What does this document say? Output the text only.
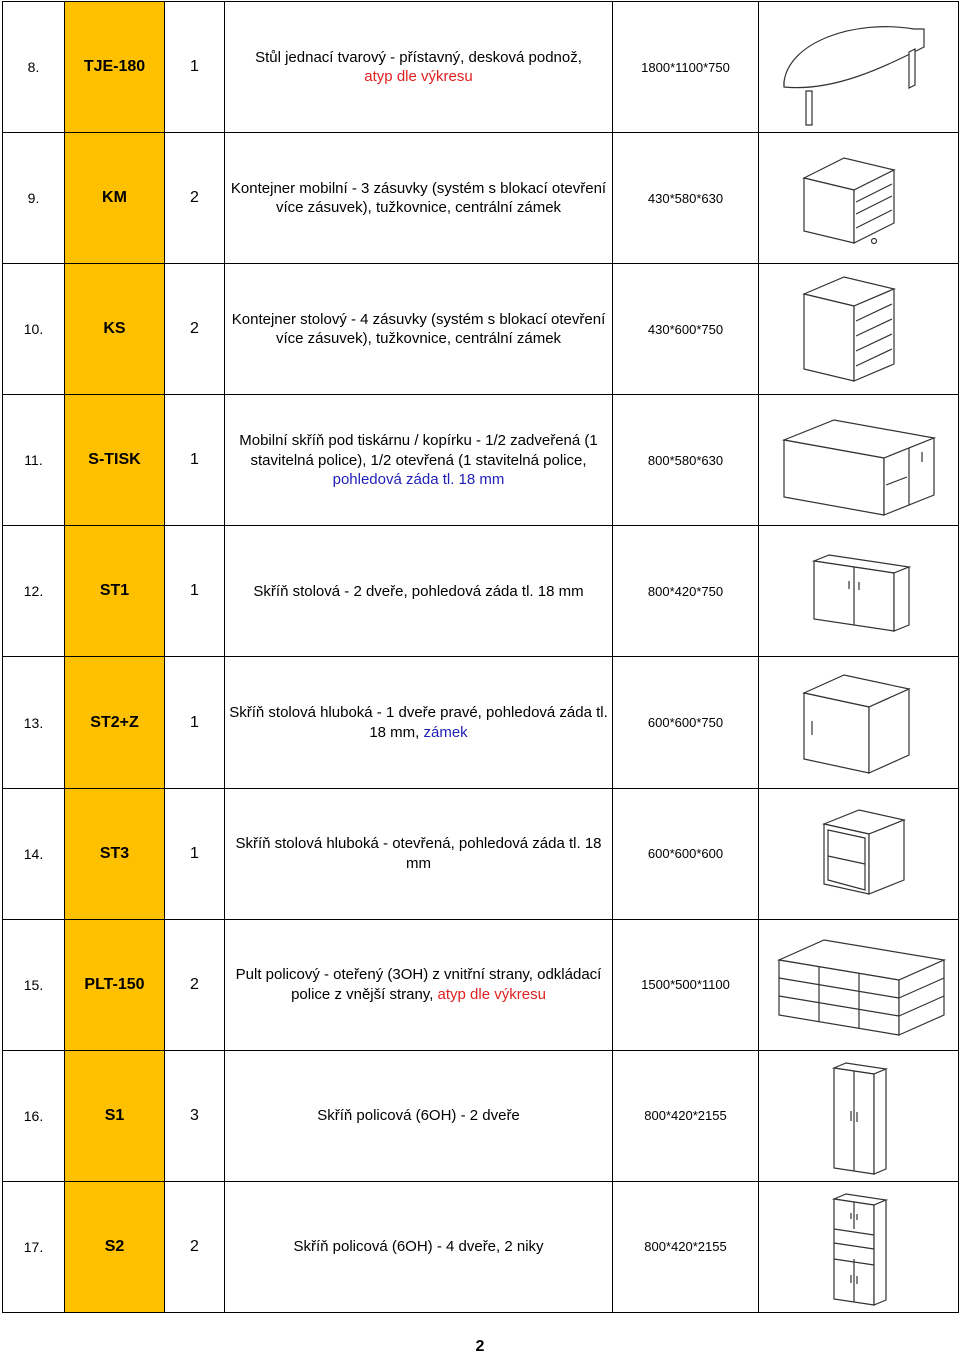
8.	TJE-180	1	Stůl jednací tvarový - přístavný, desková podnož,
atyp dle výkresu	1800*1100*750	

9.	KM	2	Kontejner mobilní - 3 zásuvky (systém s blokací otevření více zásuvek), tužkovnice, centrální zámek	430*580*630	

10.	KS	2	Kontejner stolový - 4 zásuvky (systém s blokací otevření více zásuvek), tužkovnice, centrální zámek	430*600*750	

11.	S-TISK	1	Mobilní skříň pod tiskárnu / kopírku - 1/2 zadveřená (1 stavitelná police), 1/2 otevřená (1 stavitelná police,
pohledová záda tl. 18 mm	800*580*630	

12.	ST1	1	Skříň stolová - 2 dveře, pohledová záda tl. 18 mm	800*420*750	

13.	ST2+Z	1	Skříň stolová hluboká - 1 dveře pravé, pohledová záda tl. 18 mm, zámek	600*600*750	

14.	ST3	1	Skříň stolová hluboká - otevřená, pohledová záda tl. 18 mm	600*600*600	

15.	PLT-150	2	Pult policový - oteřený (3OH) z vnitřní strany, odkládací police z vnější strany, atyp dle výkresu	1500*500*1100	

16.	S1	3	Skříň policová (6OH) - 2 dveře	800*420*2155	

17.	S2	2	Skříň policová (6OH) - 4 dveře, 2 niky	800*420*2155	
2
